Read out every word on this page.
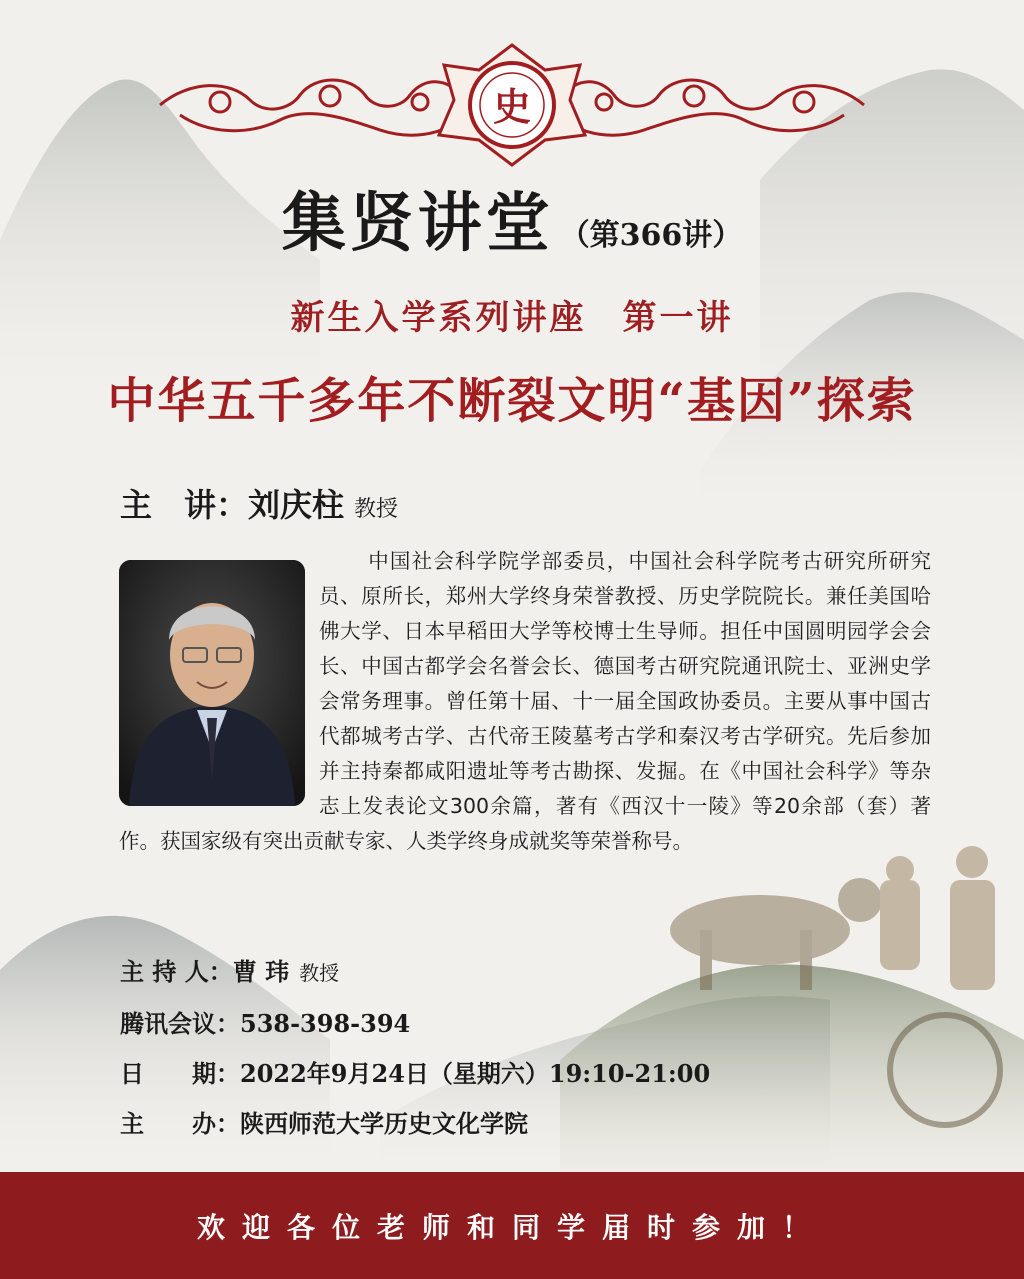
史
集贤讲堂 （第366讲）
新生入学系列讲座 第一讲
中华五千多年不断裂文明“基因”探索
主　讲：刘庆柱 教授
中国社会科学院学部委员，中国社会科学院考古研究所研究员、原所长，郑州大学终身荣誉教授、历史学院院长。兼任美国哈佛大学、日本早稻田大学等校博士生导师。担任中国圆明园学会会长、中国古都学会名誉会长、德国考古研究院通讯院士、亚洲史学会常务理事。曾任第十届、十一届全国政协委员。主要从事中国古代都城考古学、古代帝王陵墓考古学和秦汉考古学研究。先后参加并主持秦都咸阳遗址等考古勘探、发掘。在《中国社会科学》等杂志上发表论文300余篇，著有《西汉十一陵》等20余部（套）著作。获国家级有突出贡献专家、人类学终身成就奖等荣誉称号。
主 持 人：曹 玮 教授
腾讯会议：538-398-394
日　　期：2022年9月24日（星期六）19:10-21:00
主　　办：陕西师范大学历史文化学院
欢迎各位老师和同学届时参加！
